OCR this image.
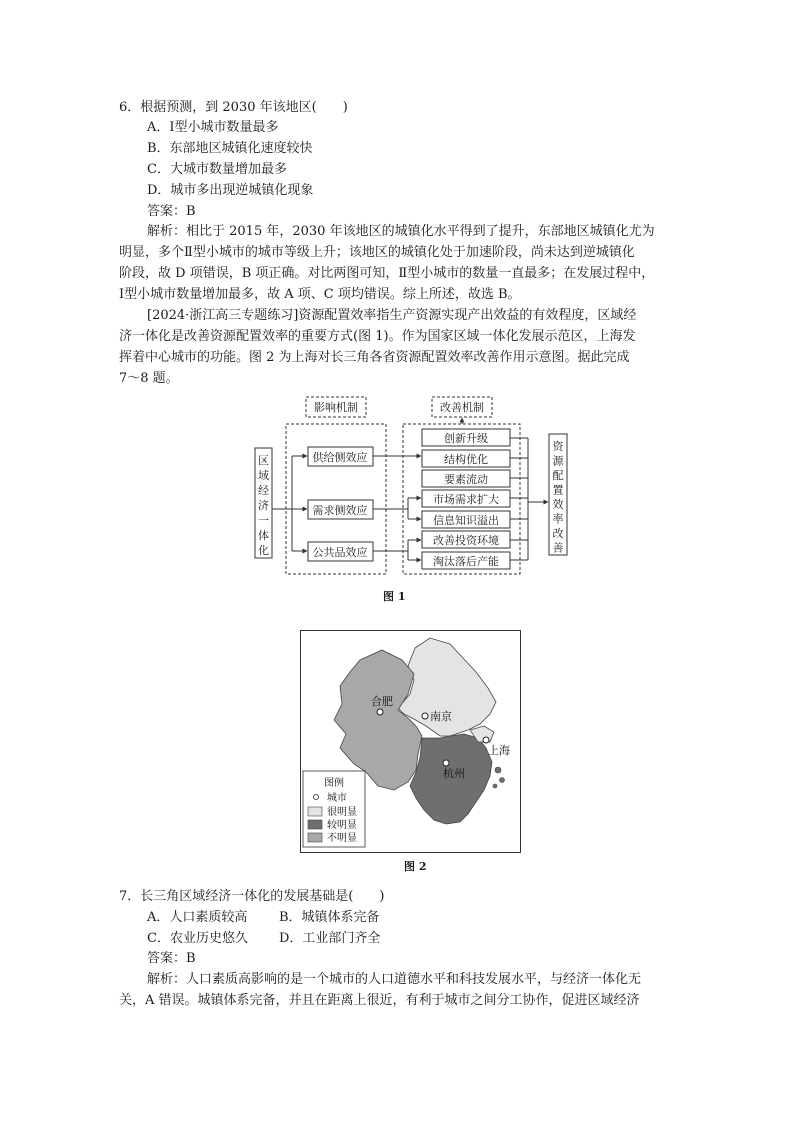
6．根据预测，到 2030 年该地区(　　)
A．Ⅰ型小城市数量最多
B．东部地区城镇化速度较快
C．大城市数量增加最多
D．城市多出现逆城镇化现象
答案：B
解析：相比于 2015 年，2030 年该地区的城镇化水平得到了提升，东部地区城镇化尤为
明显，多个Ⅱ型小城市的城市等级上升；该地区的城镇化处于加速阶段，尚未达到逆城镇化
阶段，故 D 项错误，B 项正确。对比两图可知，Ⅱ型小城市的数量一直最多；在发展过程中，
Ⅰ型小城市数量增加最多，故 A 项、C 项均错误。综上所述，故选 B。
[2024·浙江高三专题练习]资源配置效率指生产资源实现产出效益的有效程度，区域经
济一体化是改善资源配置效率的重要方式(图 1)。作为国家区域一体化发展示范区，上海发
挥着中心城市的功能。图 2 为上海对长三角各省资源配置效率改善作用示意图。据此完成
7～8 题。
影响机制	改善机制
供给侧效应
需求侧效应
公共品效应
创新升级
结构优化
要素流动
市场需求扩大
信息知识溢出
改善投资环境
淘汰落后产能
区
域
经
济
一
体
化
资
源
配
置
效
率
改
善
图 1
合肥
南京
上海
杭州
图例
城市
很明显
较明显
不明显
图 2
7．长三角区域经济一体化的发展基础是(　　)
A．人口素质较高 B．城镇体系完备
C．农业历史悠久 D．工业部门齐全
答案：B
解析：人口素质高影响的是一个城市的人口道德水平和科技发展水平，与经济一体化无
关，A 错误。城镇体系完备，并且在距离上很近，有利于城市之间分工协作，促进区域经济
